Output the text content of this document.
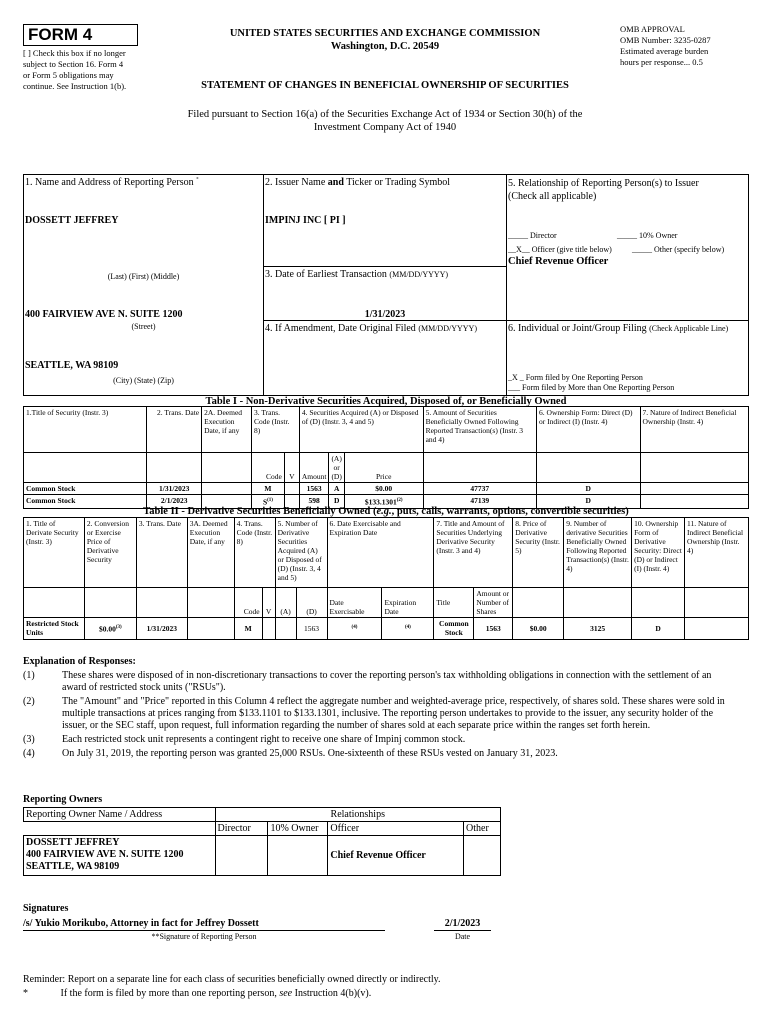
FORM 4
[ ] Check this box if no longer
subject to Section 16. Form 4
or Form 5 obligations may
continue. See Instruction 1(b).
UNITED STATES SECURITIES AND EXCHANGE COMMISSION
Washington, D.C. 20549
STATEMENT OF CHANGES IN BENEFICIAL OWNERSHIP OF SECURITIES
OMB APPROVAL
OMB Number: 3235-0287
Estimated average burden
hours per response... 0.5
Filed pursuant to Section 16(a) of the Securities Exchange Act of 1934 or Section 30(h) of the
Investment Company Act of 1940
1. Name and Address of Reporting Person *
DOSSETT JEFFREY
(Last) (First) (Middle)
400 FAIRVIEW AVE N. SUITE 1200
(Street)
SEATTLE, WA 98109
(City) (State) (Zip)
2. Issuer Name and Ticker or Trading Symbol
IMPINJ INC [ PI ]
3. Date of Earliest Transaction (MM/DD/YYYY)
1/31/2023
4. If Amendment, Date Original Filed (MM/DD/YYYY)
5. Relationship of Reporting Person(s) to Issuer
(Check all applicable)
_____ Director	_____ 10% Owner
__X__ Officer (give title below)	_____ Other (specify below)
Chief Revenue Officer
6. Individual or Joint/Group Filing (Check Applicable Line)
_X _ Form filed by One Reporting Person
___ Form filed by More than One Reporting Person
Table I - Non-Derivative Securities Acquired, Disposed of, or Beneficially Owned
1.Title of Security (Instr. 3)	2. Trans. Date	2A. Deemed Execution Date, if any	3. Trans. Code (Instr. 8)		4. Securities Acquired (A) or Disposed of (D) (Instr. 3, 4 and 5)			5. Amount of Securities Beneficially Owned Following Reported Transaction(s) (Instr. 3 and 4)	6. Ownership Form: Direct (D) or Indirect (I) (Instr. 4)	7. Nature of Indirect Beneficial Ownership (Instr. 4)
			Code	V	Amount	(A) or (D)	Price			
Common Stock	1/31/2023		M		1563	A	$0.00	47737	D	
Common Stock	2/1/2023		$S^{(1)}$		598	D	$133.1301$^{(2)}$	47139	D	
Table II - Derivative Securities Beneficially Owned (e.g., puts, calls, warrants, options, convertible securities)
1. Title of Derivate Security (Instr. 3)	2. Conversion or Exercise Price of Derivative Security	3. Trans. Date	3A. Deemed Execution Date, if any	4. Trans. Code (Instr. 8)		5. Number of Derivative Securities Acquired (A) or Disposed of (D) (Instr. 3, 4 and 5)		6. Date Exercisable and Expiration Date		7. Title and Amount of Securities Underlying Derivative Security (Instr. 3 and 4)		8. Price of Derivative Security (Instr. 5)	9. Number of derivative Securities Beneficially Owned Following Reported Transaction(s) (Instr. 4)	10. Ownership Form of Derivative Security: Direct (D) or Indirect (I) (Instr. 4)	11. Nature of Indirect Beneficial Ownership (Instr. 4)
				Code	V	(A)	(D)	Date Exercisable	Expiration Date	Title	Amount or Number of Shares				
Restricted Stock Units	$0.00$^{(3)}$	1/31/2023		M			1563	$^{(4)}$	$^{(4)}$	Common Stock	1563	$0.00	3125	D	
Explanation of Responses:
(1)	These shares were disposed of in non-discretionary transactions to cover the reporting person's tax withholding obligations in connection with the settlement of an award of restricted stock units ("RSUs").
(2)	The "Amount" and "Price" reported in this Column 4 reflect the aggregate number and weighted-average price, respectively, of shares sold. These shares were sold in multiple transactions at prices ranging from $133.1101 to $133.1301, inclusive. The reporting person undertakes to provide to the issuer, any security holder of the issuer, or the SEC staff, upon request, full information regarding the number of shares sold at each separate price within the ranges set forth herein.
(3)	Each restricted stock unit represents a contingent right to receive one share of Impinj common stock.
(4)	On July 31, 2019, the reporting person was granted 25,000 RSUs. One-sixteenth of these RSUs vested on January 31, 2023.
Reporting Owners
Reporting Owner Name / Address	Relationships			
	Director	10% Owner	Officer	Other

DOSSETT JEFFREY
400 FAIRVIEW AVE N. SUITE 1200
SEATTLE, WA 98109			Chief Revenue Officer	
Signatures
/s/ Yukio Morikubo, Attorney in fact for Jeffrey Dossett
**Signature of Reporting Person
2/1/2023
Date
Reminder: Report on a separate line for each class of securities beneficially owned directly or indirectly.
*	If the form is filed by more than one reporting person, see Instruction 4(b)(v).
